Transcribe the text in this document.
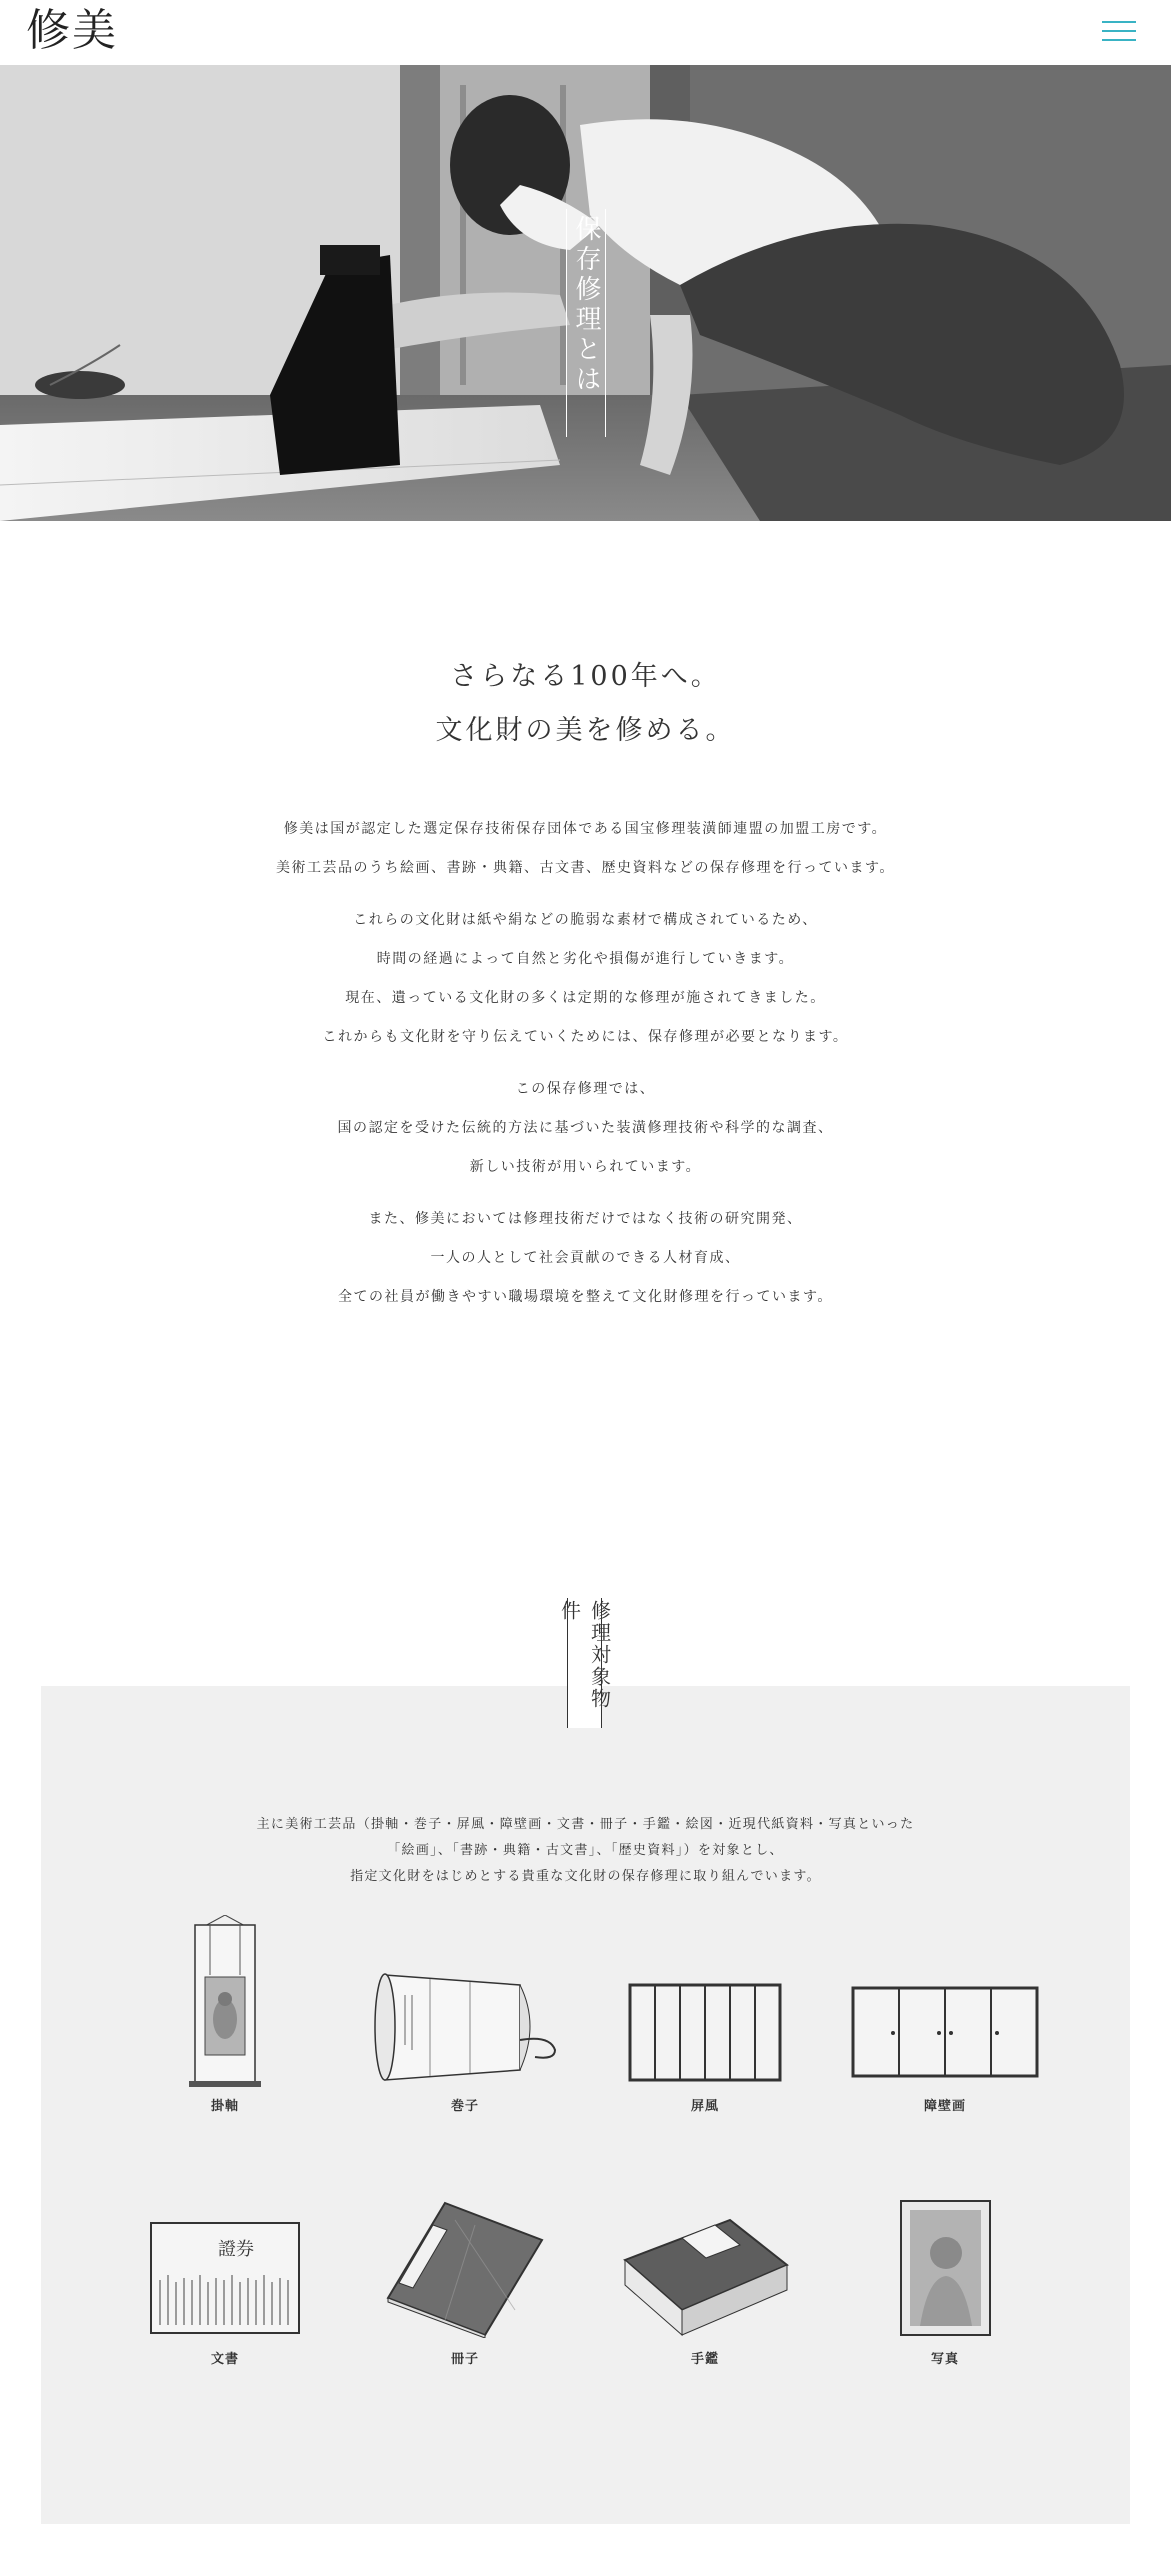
修美
保存修理とは

さらなる100年へ。

文化財の美を修める。

修美は国が認定した選定保存技術保存団体である国宝修理装潢師連盟の加盟工房です。

美術工芸品のうち絵画、書跡・典籍、古文書、歴史資料などの保存修理を行っています。

これらの文化財は紙や絹などの脆弱な素材で構成されているため、

時間の経過によって自然と劣化や損傷が進行していきます。

現在、遺っている文化財の多くは定期的な修理が施されてきました。

これからも文化財を守り伝えていくためには、保存修理が必要となります。

この保存修理では、

国の認定を受けた伝統的方法に基づいた装潢修理技術や科学的な調査、

新しい技術が用いられています。

また、修美においては修理技術だけではなく技術の研究開発、

一人の人として社会貢献のできる人材育成、

全ての社員が働きやすい職場環境を整えて文化財修理を行っています。

修理対象物件

主に美術工芸品（掛軸・巻子・屏風・障壁画・文書・冊子・手鑑・絵図・近現代紙資料・写真といった

「絵画」、「書跡・典籍・古文書」、「歴史資料」）を対象とし、

指定文化財をはじめとする貴重な文化財の保存修理に取り組んでいます。

掛軸	巻子	屏風	障壁画
證券
文書	冊子	手鑑	写真
